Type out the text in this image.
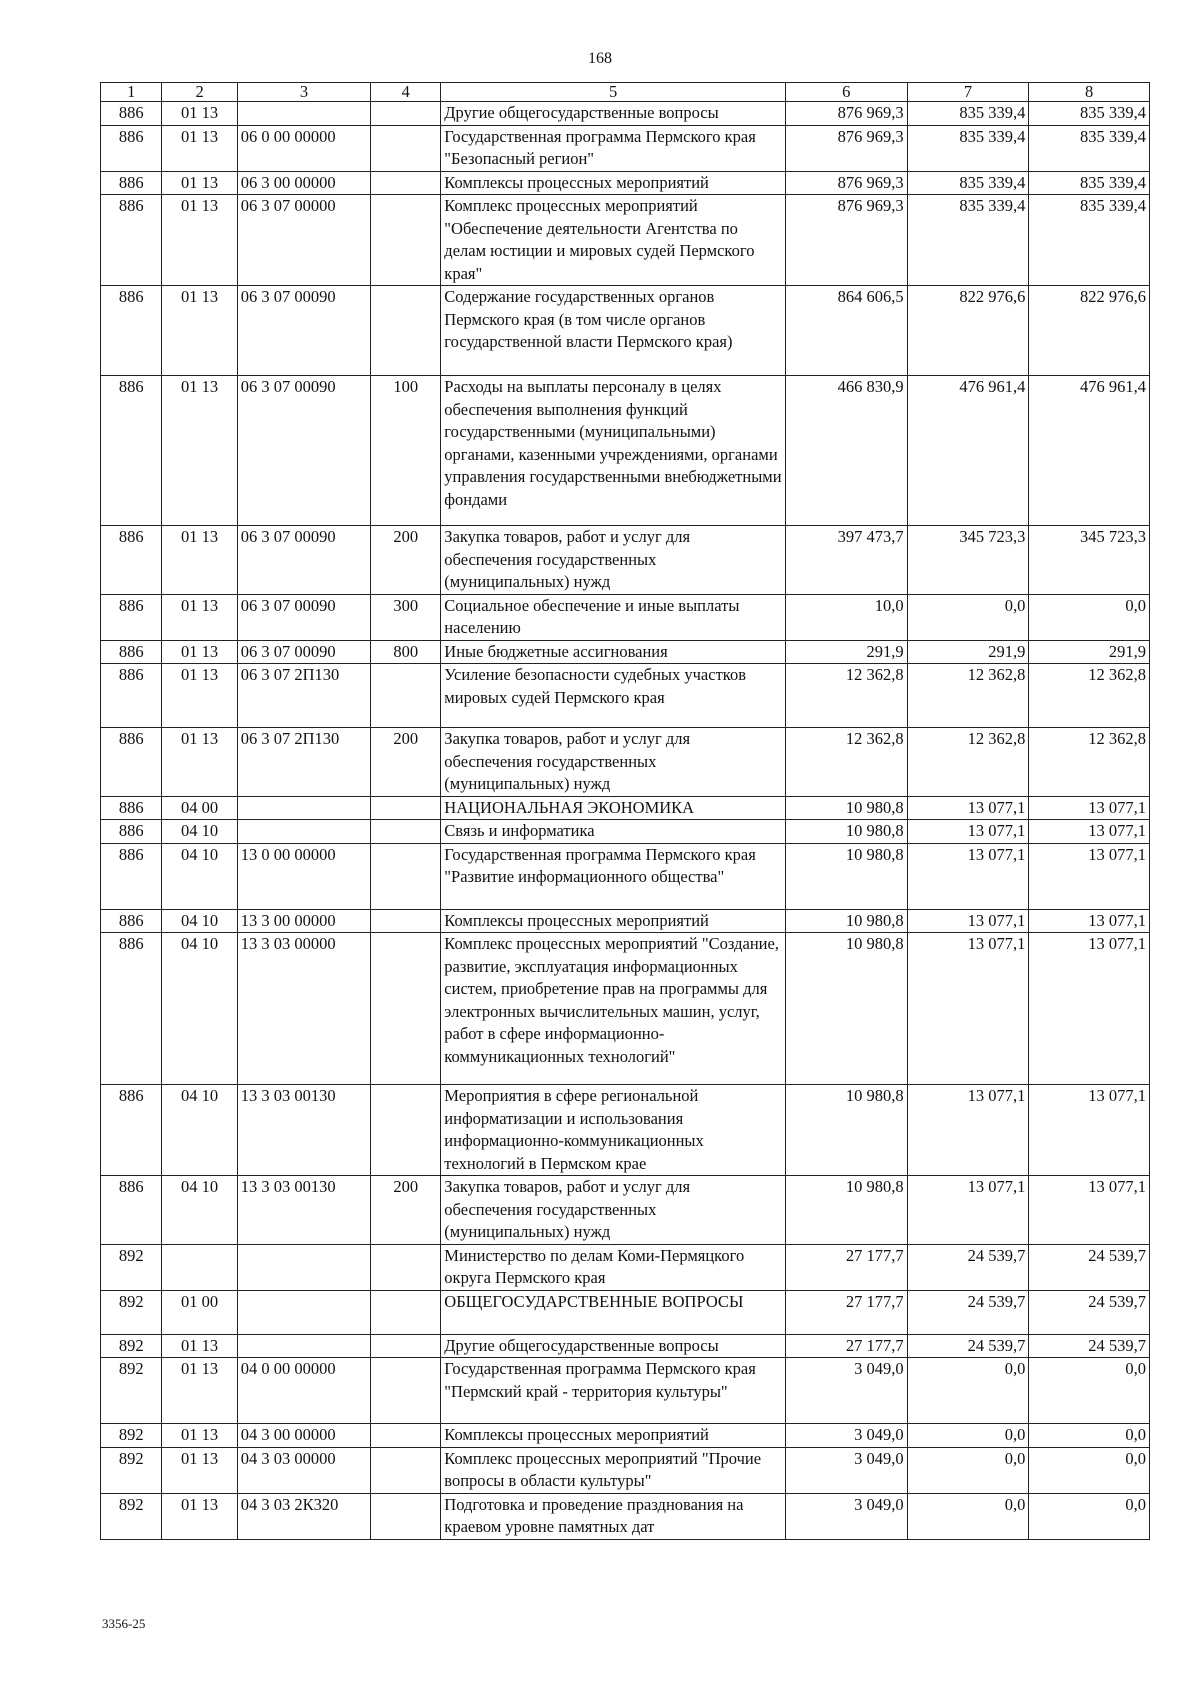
168
1	2	3	4	5	6	7	8
886	01 13			Другие общегосударственные вопросы	876 969,3	835 339,4	835 339,4
886	01 13	06 0 00 00000		Государственная программа Пермского края "Безопасный регион"	876 969,3	835 339,4	835 339,4
886	01 13	06 3 00 00000		Комплексы процессных мероприятий	876 969,3	835 339,4	835 339,4
886	01 13	06 3 07 00000		Комплекс процессных мероприятий "Обеспечение деятельности Агентства по делам юстиции и мировых судей Пермского края"	876 969,3	835 339,4	835 339,4
886	01 13	06 3 07 00090		Содержание государственных органов Пермского края (в том числе органов государственной власти Пермского края)	864 606,5	822 976,6	822 976,6
886	01 13	06 3 07 00090	100	Расходы на выплаты персоналу в целях обеспечения выполнения функций государственными (муниципальными) органами, казенными учреждениями, органами управления государственными внебюджетными фондами	466 830,9	476 961,4	476 961,4
886	01 13	06 3 07 00090	200	Закупка товаров, работ и услуг для обеспечения государственных (муниципальных) нужд	397 473,7	345 723,3	345 723,3
886	01 13	06 3 07 00090	300	Социальное обеспечение и иные выплаты населению	10,0	0,0	0,0
886	01 13	06 3 07 00090	800	Иные бюджетные ассигнования	291,9	291,9	291,9
886	01 13	06 3 07 2П130		Усиление безопасности судебных участков мировых судей Пермского края	12 362,8	12 362,8	12 362,8
886	01 13	06 3 07 2П130	200	Закупка товаров, работ и услуг для обеспечения государственных (муниципальных) нужд	12 362,8	12 362,8	12 362,8
886	04 00			НАЦИОНАЛЬНАЯ ЭКОНОМИКА	10 980,8	13 077,1	13 077,1
886	04 10			Связь и информатика	10 980,8	13 077,1	13 077,1
886	04 10	13 0 00 00000		Государственная программа Пермского края "Развитие информационного общества"	10 980,8	13 077,1	13 077,1
886	04 10	13 3 00 00000		Комплексы процессных мероприятий	10 980,8	13 077,1	13 077,1
886	04 10	13 3 03 00000		Комплекс процессных мероприятий "Создание, развитие, эксплуатация информационных систем, приобретение прав на программы для электронных вычислительных машин, услуг, работ в сфере информационно-коммуникационных технологий"	10 980,8	13 077,1	13 077,1
886	04 10	13 3 03 00130		Мероприятия в сфере региональной информатизации и использования информационно-коммуникационных технологий в Пермском крае	10 980,8	13 077,1	13 077,1
886	04 10	13 3 03 00130	200	Закупка товаров, работ и услуг для обеспечения государственных (муниципальных) нужд	10 980,8	13 077,1	13 077,1
892				Министерство по делам Коми-Пермяцкого округа Пермского края	27 177,7	24 539,7	24 539,7
892	01 00			ОБЩЕГОСУДАРСТВЕННЫЕ ВОПРОСЫ	27 177,7	24 539,7	24 539,7
892	01 13			Другие общегосударственные вопросы	27 177,7	24 539,7	24 539,7
892	01 13	04 0 00 00000		Государственная программа Пермского края "Пермский край - территория культуры"	3 049,0	0,0	0,0
892	01 13	04 3 00 00000		Комплексы процессных мероприятий	3 049,0	0,0	0,0
892	01 13	04 3 03 00000		Комплекс процессных мероприятий "Прочие вопросы в области культуры"	3 049,0	0,0	0,0
892	01 13	04 3 03 2К320		Подготовка и проведение празднования на краевом уровне памятных дат	3 049,0	0,0	0,0
3356-25
